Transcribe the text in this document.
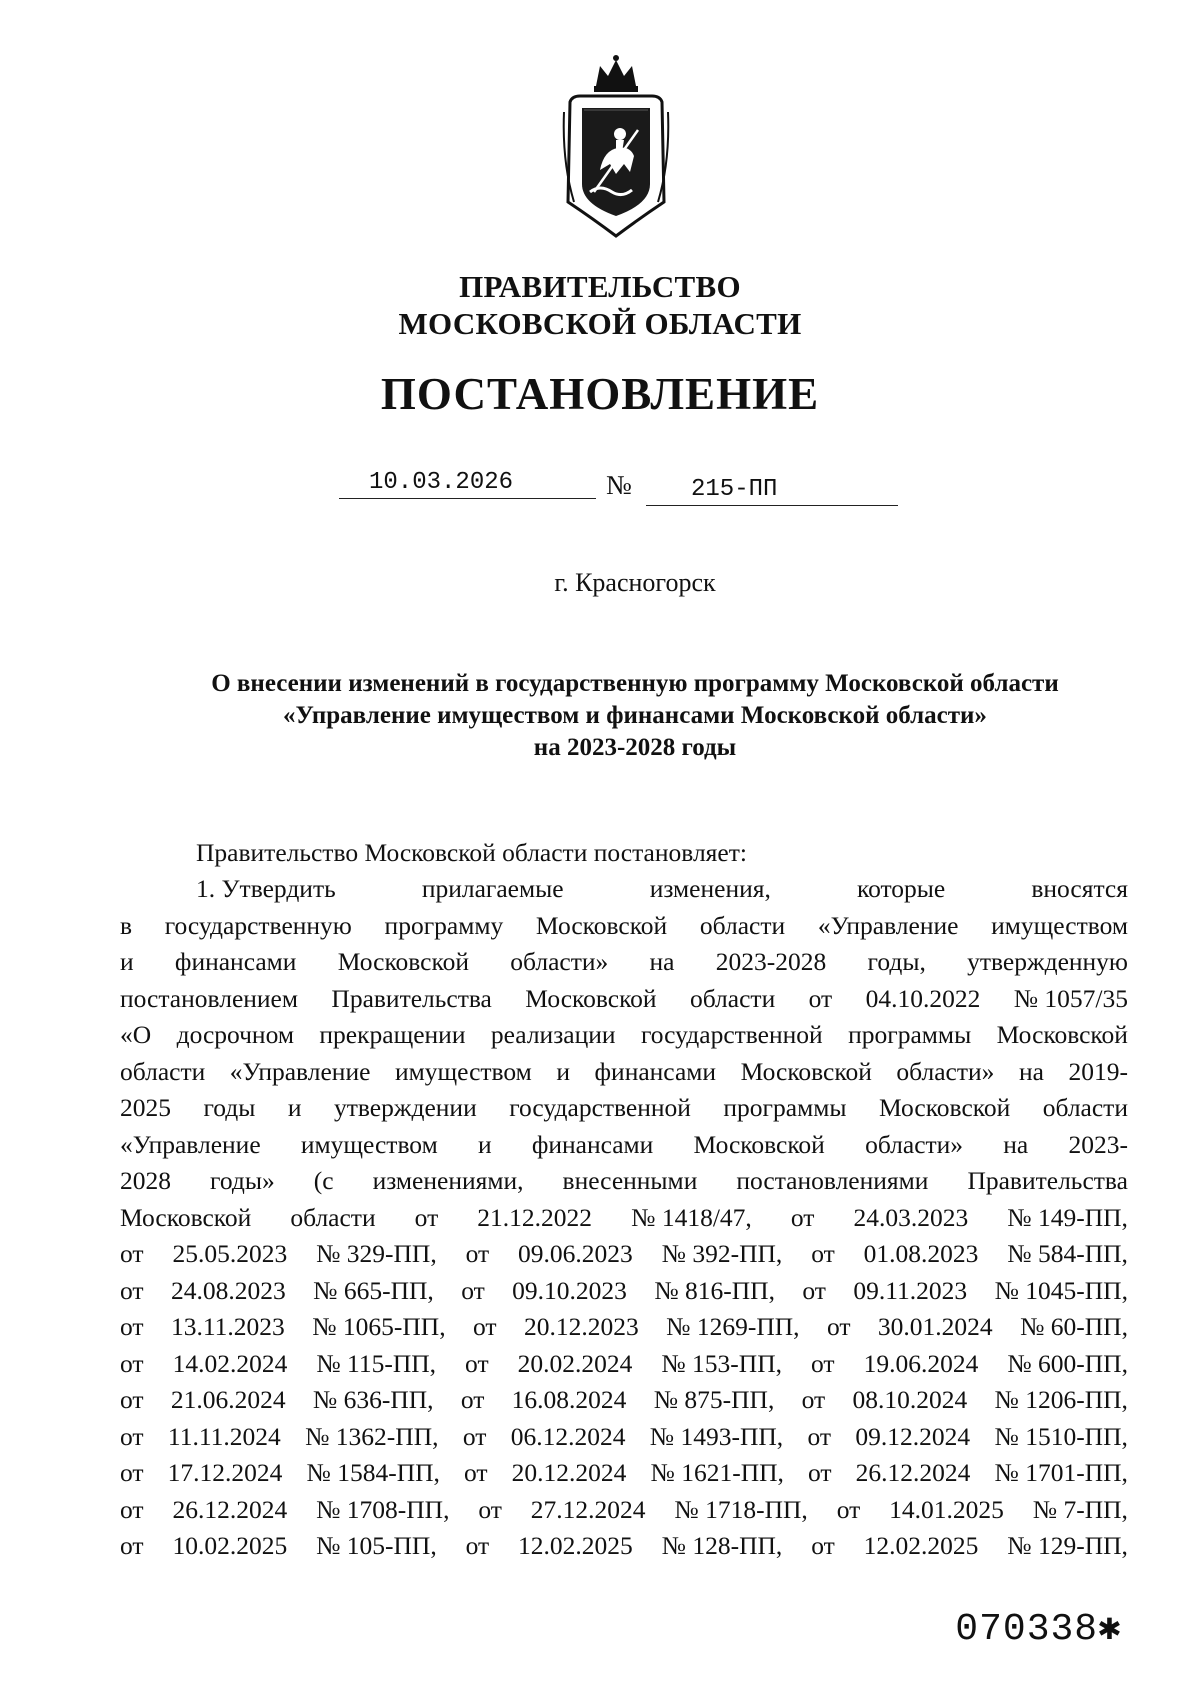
ПРАВИТЕЛЬСТВО
МОСКОВСКОЙ ОБЛАСТИ
ПОСТАНОВЛЕНИЕ
10.03.2026	№ 215-ПП
г. Красногорск
О внесении изменений в государственную программу Московской области
«Управление имуществом и финансами Московской области»
на 2023-2028 годы
Правительство Московской области постановляет:
1. Утвердить	прилагаемые	изменения,	которые	вносятся
в государственную программу Московской области «Управление имуществом
и финансами Московской области» на 2023-2028 годы, утвержденную
постановлением Правительства Московской области от 04.10.2022 № 1057/35
«О досрочном прекращении реализации государственной программы Московской
области «Управление имуществом и финансами Московской области» на 2019-
2025 годы и утверждении государственной программы Московской области
«Управление имуществом и финансами Московской области» на 2023-
2028 годы» (с изменениями, внесенными постановлениями Правительства
Московской области от 21.12.2022 № 1418/47, от 24.03.2023 № 149-ПП,
от 25.05.2023 № 329-ПП, от 09.06.2023 № 392-ПП, от 01.08.2023 № 584-ПП,
от 24.08.2023 № 665-ПП, от 09.10.2023 № 816-ПП, от 09.11.2023 № 1045-ПП,
от 13.11.2023 № 1065-ПП, от 20.12.2023 № 1269-ПП, от 30.01.2024 № 60-ПП,
от 14.02.2024 № 115-ПП, от 20.02.2024 № 153-ПП, от 19.06.2024 № 600-ПП,
от 21.06.2024 № 636-ПП, от 16.08.2024 № 875-ПП, от 08.10.2024 № 1206-ПП,
от 11.11.2024 № 1362-ПП, от 06.12.2024 № 1493-ПП, от 09.12.2024 № 1510-ПП,
от 17.12.2024 № 1584-ПП, от 20.12.2024 № 1621-ПП, от 26.12.2024 № 1701-ПП,
от 26.12.2024 № 1708-ПП, от 27.12.2024 № 1718-ПП, от 14.01.2025 № 7-ПП,
от 10.02.2025 № 105-ПП, от 12.02.2025 № 128-ПП, от 12.02.2025 № 129-ПП,
070338✱
